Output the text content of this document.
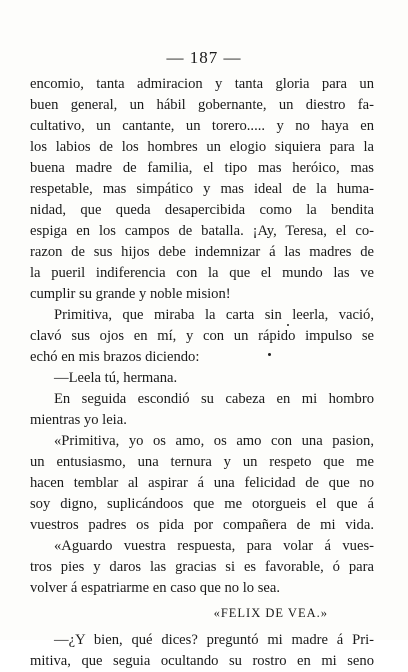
— 187 —
encomio, tanta admiracion y tanta gloria para un
buen general, un hábil gobernante, un diestro fa-
cultativo, un cantante, un torero..... y no haya en
los labios de los hombres un elogio siquiera para la
buena madre de familia, el tipo mas heróico, mas
respetable, mas simpático y mas ideal de la huma-
nidad, que queda desapercibida como la bendita
espiga en los campos de batalla. ¡Ay, Teresa, el co-
razon de sus hijos debe indemnizar á las madres de
la pueril indiferencia con la que el mundo las ve
cumplir su grande y noble mision!
Primitiva, que miraba la carta sin leerla, vació,
clavó sus ojos en mí, y con un rápido impulso se
echó en mis brazos diciendo:
—Leela tú, hermana.
En seguida escondió su cabeza en mi hombro
mientras yo leia.
«Primitiva, yo os amo, os amo con una pasion,
un entusiasmo, una ternura y un respeto que me
hacen temblar al aspirar á una felicidad de que no
soy digno, suplicándoos que me otorgueis el que á
vuestros padres os pida por compañera de mi vida.
«Aguardo vuestra respuesta, para volar á vues-
tros pies y daros las gracias si es favorable, ó para
volver á espatriarme en caso que no lo sea.
«FELIX DE VEA.»
—¿Y bien, qué dices? preguntó mi madre á Pri-
mitiva, que seguia ocultando su rostro en mi seno
